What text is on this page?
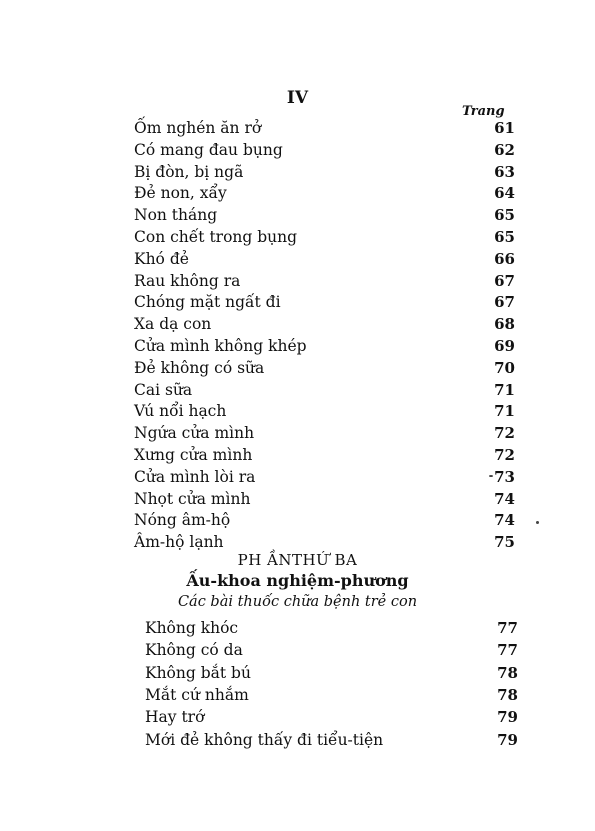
IV
Trang
Ốm nghén ăn rở	61
Có mang đau bụng	62
Bị đòn, bị ngã	63
Đẻ non, xẩy	64
Non tháng	65
Con chết trong bụng	65
Khó đẻ	66
Rau không ra	67
Chóng mặt ngất đi	67
Xa dạ con	68
Cửa mình không khép	69
Đẻ không có sữa	70
Cai sữa	71
Vú nổi hạch	71
Ngứa cửa mình	72
Xưng cửa mình	72
Cửa mình lòi ra	73
Nhọt cửa mình	74
Nóng âm-hộ	74
Âm-hộ lạnh	75
PH ẦNTHỨ BA
Ấu-khoa nghiệm-phương
Các bài thuốc chữa bệnh trẻ con
Không khóc	77
Không có da	77
Không bắt bú	78
Mắt cứ nhắm	78
Hay trớ	79
Mới đẻ không thấy đi tiểu-tiện	79
